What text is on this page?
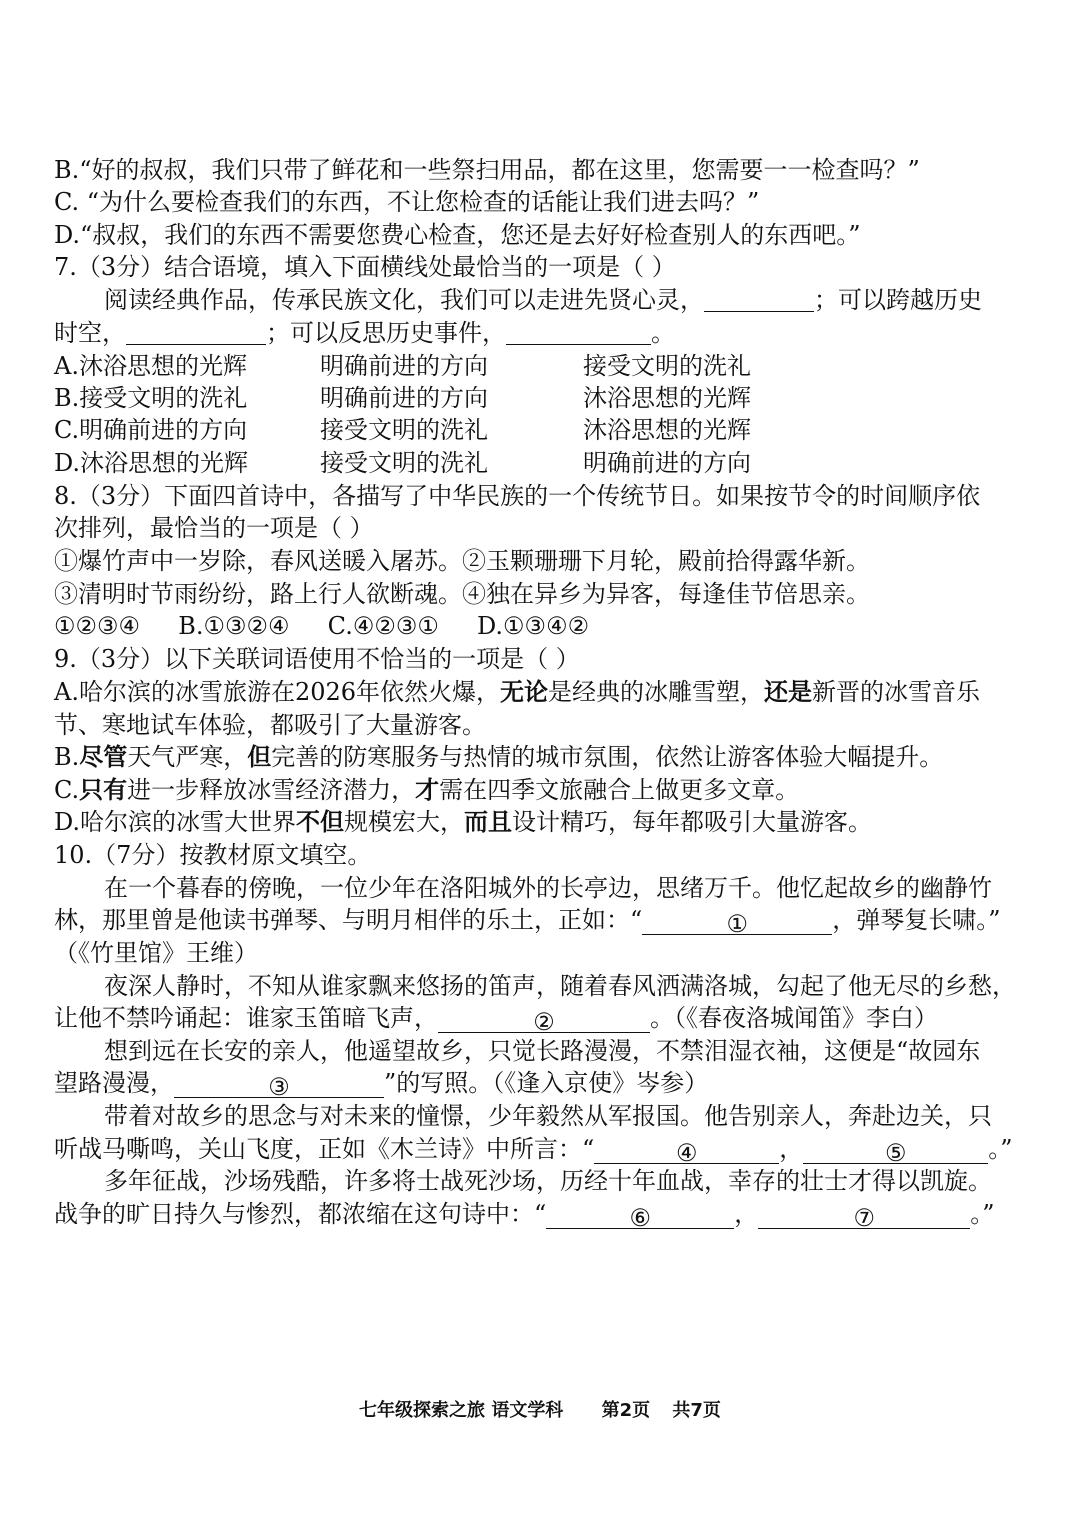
B.“好的叔叔，我们只带了鲜花和一些祭扫用品，都在这里，您需要一一检查吗？”
C. “为什么要检查我们的东西，不让您检查的话能让我们进去吗？”
D.“叔叔，我们的东西不需要您费心检查，您还是去好好检查别人的东西吧。”
7.（3分）结合语境，填入下面横线处最恰当的一项是（ ）
阅读经典作品，传承民族文化，我们可以走进先贤心灵，	；可以跨越历史
时空，	；可以反思历史事件，	。
A.沐浴思想的光辉	明确前进的方向	接受文明的洗礼
B.接受文明的洗礼	明确前进的方向	沐浴思想的光辉
C.明确前进的方向	接受文明的洗礼	沐浴思想的光辉
D.沐浴思想的光辉	接受文明的洗礼	明确前进的方向
8.（3分）下面四首诗中，各描写了中华民族的一个传统节日。如果按节令的时间顺序依
次排列，最恰当的一项是（ ）
①爆竹声中一岁除，春风送暖入屠苏。②玉颗珊珊下月轮，殿前拾得露华新。
③清明时节雨纷纷，路上行人欲断魂。④独在异乡为异客，每逢佳节倍思亲。
①②③④     B.①③②④     C.④②③①     D.①③④②
9.（3分）以下关联词语使用不恰当的一项是（ ）
A.哈尔滨的冰雪旅游在2026年依然火爆，无论是经典的冰雕雪塑，还是新晋的冰雪音乐
节、寒地试车体验，都吸引了大量游客。
B.尽管天气严寒，但完善的防寒服务与热情的城市氛围，依然让游客体验大幅提升。
C.只有进一步释放冰雪经济潜力，才需在四季文旅融合上做更多文章。
D.哈尔滨的冰雪大世界不但规模宏大，而且设计精巧，每年都吸引大量游客。
10.（7分）按教材原文填空。
在一个暮春的傍晚，一位少年在洛阳城外的长亭边，思绪万千。他忆起故乡的幽静竹
林，那里曾是他读书弹琴、与明月相伴的乐土，正如：“	①	，弹琴复长啸。”
（《竹里馆》王维）
夜深人静时，不知从谁家飘来悠扬的笛声，随着春风洒满洛城，勾起了他无尽的乡愁，
让他不禁吟诵起：谁家玉笛暗飞声，	②	。（《春夜洛城闻笛》李白）
想到远在长安的亲人，他遥望故乡，只觉长路漫漫，不禁泪湿衣袖，这便是“故园东
望路漫漫，	③	”的写照。（《逢入京使》岑参）
带着对故乡的思念与对未来的憧憬，少年毅然从军报国。他告别亲人，奔赴边关，只
听战马嘶鸣，关山飞度，正如《木兰诗》中所言：“	④	，	⑤	。”
多年征战，沙场残酷，许多将士战死沙场，历经十年血战，幸存的壮士才得以凯旋。
战争的旷日持久与惨烈，都浓缩在这句诗中：“	⑥	，	⑦	。”
七年级探索之旅 语文学科 第2页 共7页
